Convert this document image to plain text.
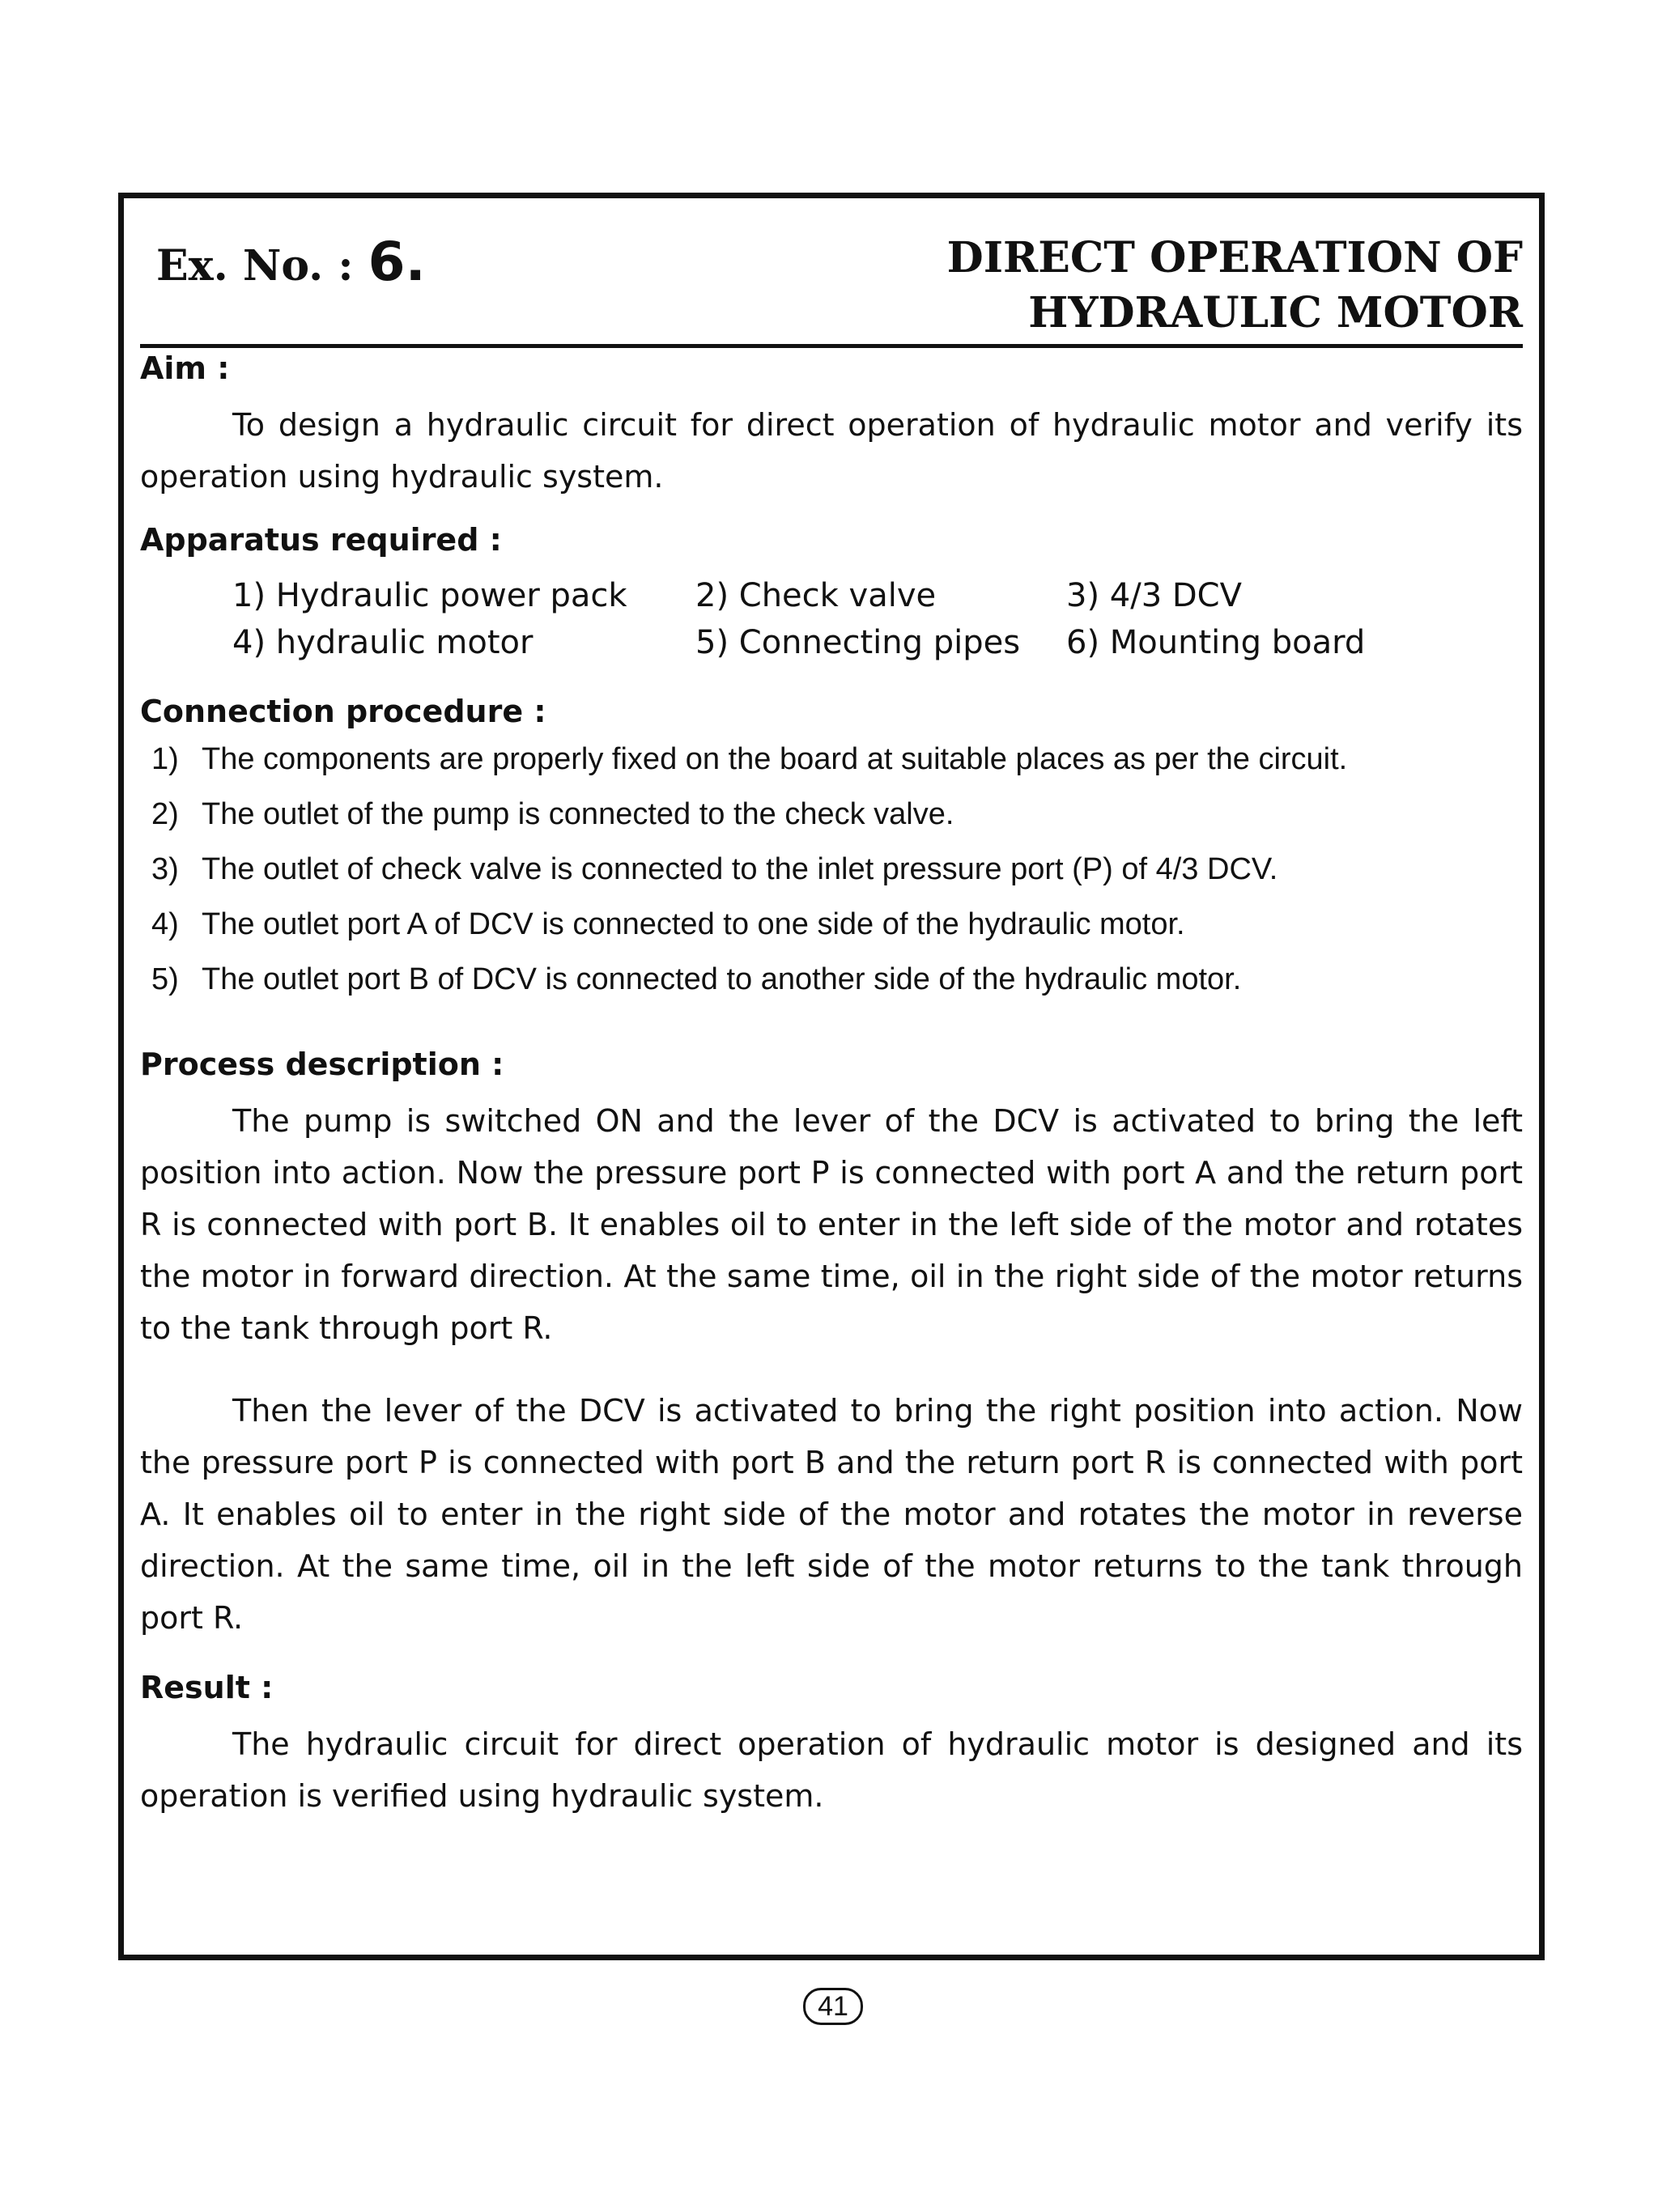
Ex. No. : 6.	DIRECT OPERATION OF
HYDRAULIC MOTOR
Aim :
To design a hydraulic circuit for direct operation of hydraulic motor and verify its operation using hydraulic system.
Apparatus required :
1) Hydraulic power pack 2) Check valve	3) 4/3 DCV
4) hydraulic motor	5) Connecting pipes 6) Mounting board
Connection procedure :
1) The components are properly fixed on the board at suitable places as per the circuit.
2) The outlet of the pump is connected to the check valve.
3) The outlet of check valve is connected to the inlet pressure port (P) of 4/3 DCV.
4) The outlet port A of DCV is connected to one side of the hydraulic motor.
5) The outlet port B of DCV is connected to another side of the hydraulic motor.
Process description :
The pump is switched ON and the lever of the DCV is activated to bring the left position into action. Now the pressure port P is connected with port A and the return port R is connected with port B. It enables oil to enter in the left side of the motor and rotates the motor in forward direction. At the same time, oil in the right side of the motor returns to the tank through port R.
Then the lever of the DCV is activated to bring the right position into action. Now the pressure port P is connected with port B and the return port R is connected with port A. It enables oil to enter in the right side of the motor and rotates the motor in reverse direction. At the same time, oil in the left side of the motor returns to the tank through port R.
Result :
The hydraulic circuit for direct operation of hydraulic motor is designed and its operation is verified using hydraulic system.
41
